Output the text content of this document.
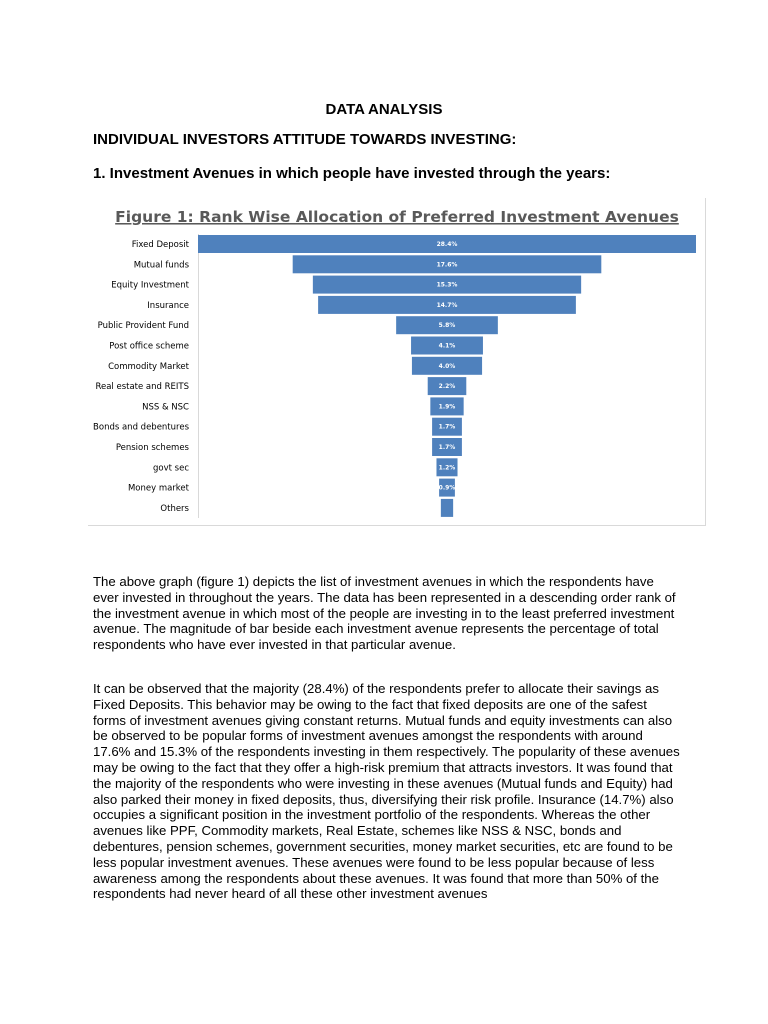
DATA ANALYSIS
INDIVIDUAL INVESTORS ATTITUDE TOWARDS INVESTING:
1. Investment Avenues in which people have invested through the years:
Figure 1: Rank Wise Allocation of Preferred Investment Avenues
Fixed Deposit	28.4%
Mutual funds	17.6%
Equity Investment	15.3%
Insurance	14.7%
Public Provident Fund	5.8%
Post office scheme	4.1%
Commodity Market	4.0%
Real estate and REITS	2.2%
NSS & NSC	1.9%
Bonds and debentures	1.7%
Pension schemes	1.7%
govt sec	1.2%
Money market	0.9%
Others

The above graph (figure 1) depicts the list of investment avenues in which the respondents have ever invested in throughout the years. The data has been represented in a descending order rank of the investment avenue in which most of the people are investing in to the least preferred investment avenue. The magnitude of bar beside each investment avenue represents the percentage of total respondents who have ever invested in that particular avenue.

It can be observed that the majority (28.4%) of the respondents prefer to allocate their savings as Fixed Deposits. This behavior may be owing to the fact that fixed deposits are one of the safest forms of investment avenues giving constant returns. Mutual funds and equity investments can also be observed to be popular forms of investment avenues amongst the respondents with around 17.6% and 15.3% of the respondents investing in them respectively. The popularity of these avenues may be owing to the fact that they offer a high-risk premium that attracts investors. It was found that the majority of the respondents who were investing in these avenues (Mutual funds and Equity) had also parked their money in fixed deposits, thus, diversifying their risk profile. Insurance (14.7%) also occupies a significant position in the investment portfolio of the respondents. Whereas the other avenues like PPF, Commodity markets, Real Estate, schemes like NSS & NSC, bonds and debentures, pension schemes, government securities, money market securities, etc are found to be less popular investment avenues. These avenues were found to be less popular because of less awareness among the respondents about these avenues. It was found that more than 50% of the respondents had never heard of all these other investment avenues
